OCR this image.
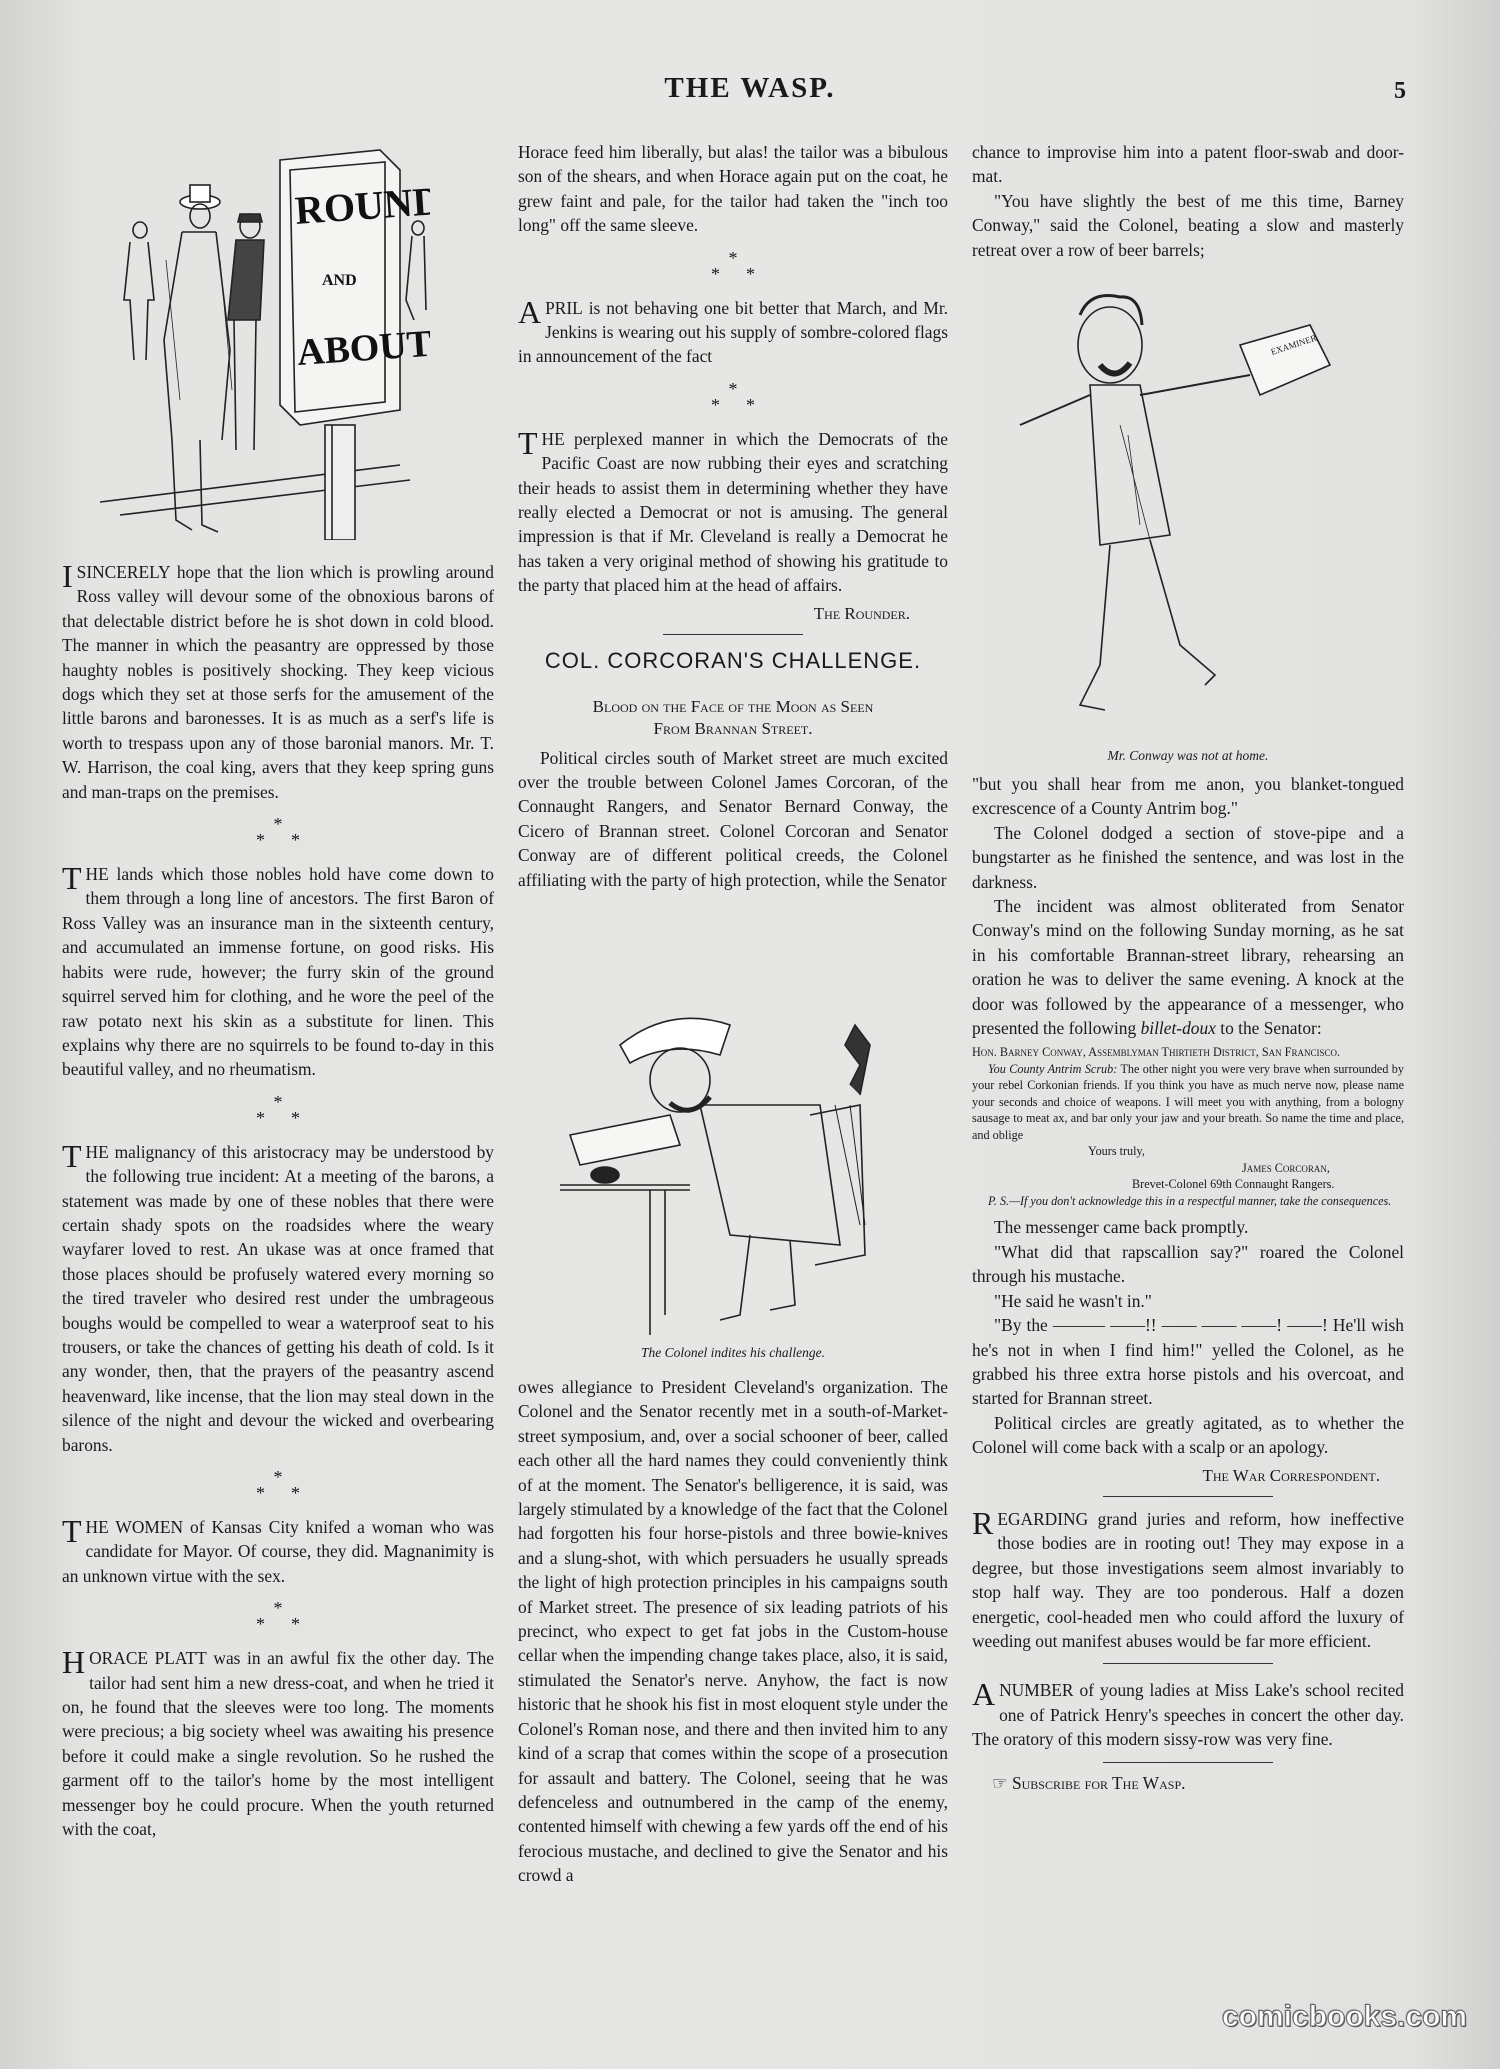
THE WASP.	5
ROUND
AND
ABOUT.

I SINCERELY hope that the lion which is prowling around Ross valley will devour some of the obnoxious barons of that delectable district before he is shot down in cold blood. The manner in which the peasantry are oppressed by those haughty nobles is positively shocking. They keep vicious dogs which they set at those serfs for the amusement of the little barons and baronesses. It is as much as a serf's life is worth to trespass upon any of those baronial manors. Mr. T. W. Harrison, the coal king, avers that they keep spring guns and man-traps on the premises.

*
**

THE lands which those nobles hold have come down to them through a long line of ancestors. The first Baron of Ross Valley was an insurance man in the sixteenth century, and accumulated an immense fortune, on good risks. His habits were rude, however; the furry skin of the ground squirrel served him for clothing, and he wore the peel of the raw potato next his skin as a substitute for linen. This explains why there are no squirrels to be found to-day in this beautiful valley, and no rheumatism.

*
**

THE malignancy of this aristocracy may be understood by the following true incident: At a meeting of the barons, a statement was made by one of these nobles that there were certain shady spots on the roadsides where the weary wayfarer loved to rest. An ukase was at once framed that those places should be profusely watered every morning so the tired traveler who desired rest under the umbrageous boughs would be compelled to wear a waterproof seat to his trousers, or take the chances of getting his death of cold. Is it any wonder, then, that the prayers of the peasantry ascend heavenward, like incense, that the lion may steal down in the silence of the night and devour the wicked and overbearing barons.

*
**

THE WOMEN of Kansas City knifed a woman who was candidate for Mayor. Of course, they did. Magnanimity is an unknown virtue with the sex.

*
**

HORACE PLATT was in an awful fix the other day. The tailor had sent him a new dress-coat, and when he tried it on, he found that the sleeves were too long. The moments were precious; a big society wheel was awaiting his presence before it could make a single revolution. So he rushed the garment off to the tailor's home by the most intelligent messenger boy he could procure. When the youth returned with the coat,

Horace feed him liberally, but alas! the tailor was a bibulous son of the shears, and when Horace again put on the coat, he grew faint and pale, for the tailor had taken the "inch too long" off the same sleeve.

*
**

APRIL is not behaving one bit better that March, and Mr. Jenkins is wearing out his supply of sombre-colored flags in announcement of the fact

*
**

THE perplexed manner in which the Democrats of the Pacific Coast are now rubbing their eyes and scratching their heads to assist them in determining whether they have really elected a Democrat or not is amusing. The general impression is that if Mr. Cleveland is really a Democrat he has taken a very original method of showing his gratitude to the party that placed him at the head of affairs.

The Rounder.
COL. CORCORAN'S CHALLENGE.
Blood on the Face of the Moon as Seen
From Brannan Street.

Political circles south of Market street are much excited over the trouble between Colonel James Corcoran, of the Connaught Rangers, and Senator Bernard Conway, the Cicero of Brannan street. Colonel Corcoran and Senator Conway are of different political creeds, the Colonel affiliating with the party of high protection, while the Senator

The Colonel indites his challenge.

owes allegiance to President Cleveland's organization. The Colonel and the Senator recently met in a south-of-Market-street symposium, and, over a social schooner of beer, called each other all the hard names they could conveniently think of at the moment. The Senator's belligerence, it is said, was largely stimulated by a knowledge of the fact that the Colonel had forgotten his four horse-pistols and three bowie-knives and a slung-shot, with which persuaders he usually spreads the light of high protection principles in his campaigns south of Market street. The presence of six leading patriots of his precinct, who expect to get fat jobs in the Custom-house cellar when the impending change takes place, also, it is said, stimulated the Senator's nerve. Anyhow, the fact is now historic that he shook his fist in most eloquent style under the Colonel's Roman nose, and there and then invited him to any kind of a scrap that comes within the scope of a prosecution for assault and battery. The Colonel, seeing that he was defenceless and outnumbered in the camp of the enemy, contented himself with chewing a few yards off the end of his ferocious mustache, and declined to give the Senator and his crowd a

chance to improvise him into a patent floor-swab and door-mat.

"You have slightly the best of me this time, Barney Conway," said the Colonel, beating a slow and masterly retreat over a row of beer barrels;

EXAMINER
Mr. Conway was not at home.

"but you shall hear from me anon, you blanket-tongued excrescence of a County Antrim bog."

The Colonel dodged a section of stove-pipe and a bungstarter as he finished the sentence, and was lost in the darkness.

The incident was almost obliterated from Senator Conway's mind on the following Sunday morning, as he sat in his comfortable Brannan-street library, rehearsing an oration he was to deliver the same evening. A knock at the door was followed by the appearance of a messenger, who presented the following billet-doux to the Senator:

Hon. Barney Conway, Assemblyman Thirtieth District, San Francisco.

You County Antrim Scrub: The other night you were very brave when surrounded by your rebel Corkonian friends. If you think you have as much nerve now, please name your seconds and choice of weapons. I will meet you with anything, from a bologny sausage to meat ax, and bar only your jaw and your breath. So name the time and place, and oblige

Yours truly,

James Corcoran,

Brevet-Colonel 69th Connaught Rangers.

P. S.—If you don't acknowledge this in a respectful manner, take the consequences.

The messenger came back promptly.

"What did that rapscallion say?" roared the Colonel through his mustache.

"He said he wasn't in."

"By the ——— ——!! —— —— ——! ——! He'll wish he's not in when I find him!" yelled the Colonel, as he grabbed his three extra horse pistols and his overcoat, and started for Brannan street.

Political circles are greatly agitated, as to whether the Colonel will come back with a scalp or an apology.

The War Correspondent.

REGARDING grand juries and reform, how ineffective those bodies are in rooting out! They may expose in a degree, but those investigations seem almost invariably to stop half way. They are too ponderous. Half a dozen energetic, cool-headed men who could afford the luxury of weeding out manifest abuses would be far more efficient.

A NUMBER of young ladies at Miss Lake's school recited one of Patrick Henry's speeches in concert the other day. The oratory of this modern sissy-row was very fine.

☞ Subscribe for The Wasp.

comicbooks.com
